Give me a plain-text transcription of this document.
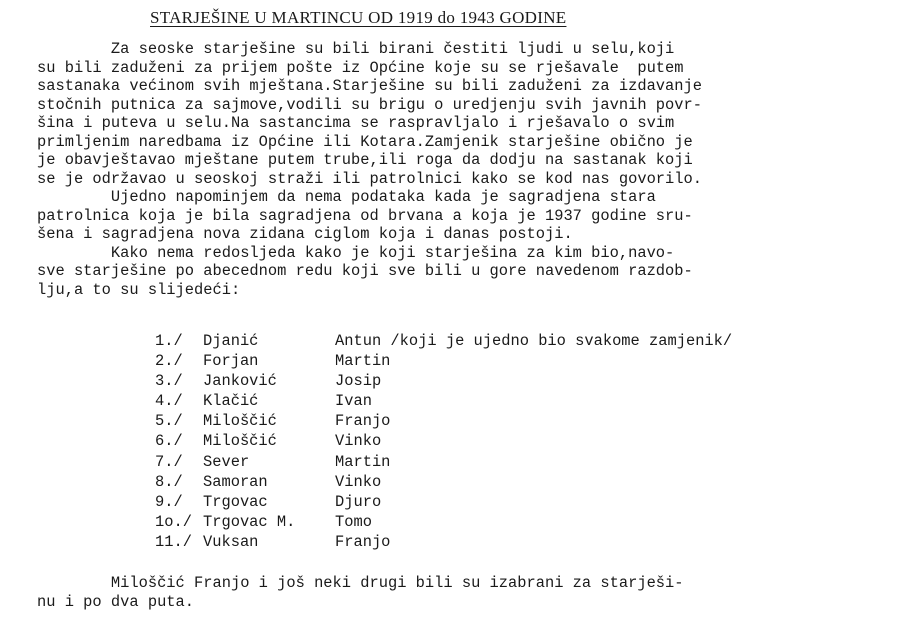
STARJEŠINE U MARTINCU OD 1919 do 1943 GODINE
Za seoske starješine su bili birani čestiti ljudi u selu,koji
su bili zaduženi za prijem pošte iz Općine koje su se rješavale  putem
sastanaka većinom svih mještana.Starješine su bili zaduženi za izdavanje
stočnih putnica za sajmove,vodili su brigu o uredjenju svih javnih povr-
šina i puteva u selu.Na sastancima se raspravljalo i rješavalo o svim
primljenim naredbama iz Općine ili Kotara.Zamjenik starješine obično je
je obavještavao mještane putem trube,ili roga da dodju na sastanak koji
se je održavao u seoskoj straži ili patrolnici kako se kod nas govorilo.
Ujedno napominjem da nema podataka kada je sagradjena stara
patrolnica koja je bila sagradjena od brvana a koja je 1937 godine sru-
šena i sagradjena nova zidana ciglom koja i danas postoji.
Kako nema redosljeda kako je koji starješina za kim bio,navo-
sve starješine po abecednom redu koji sve bili u gore navedenom razdob-
lju,a to su slijedeći:
1./	Djanić	Antun /koji je ujedno bio svakome zamjenik/
2./	Forjan	Martin
3./	Janković	Josip
4./	Klačić	Ivan
5./	Miloščić	Franjo
6./	Miloščić	Vinko
7./	Sever	Martin
8./	Samoran	Vinko
9./	Trgovac	Djuro
1o./ Trgovac M.	Tomo
11./ Vuksan	Franjo
Miloščić Franjo i još neki drugi bili su izabrani za starješi-
nu i po dva puta.
